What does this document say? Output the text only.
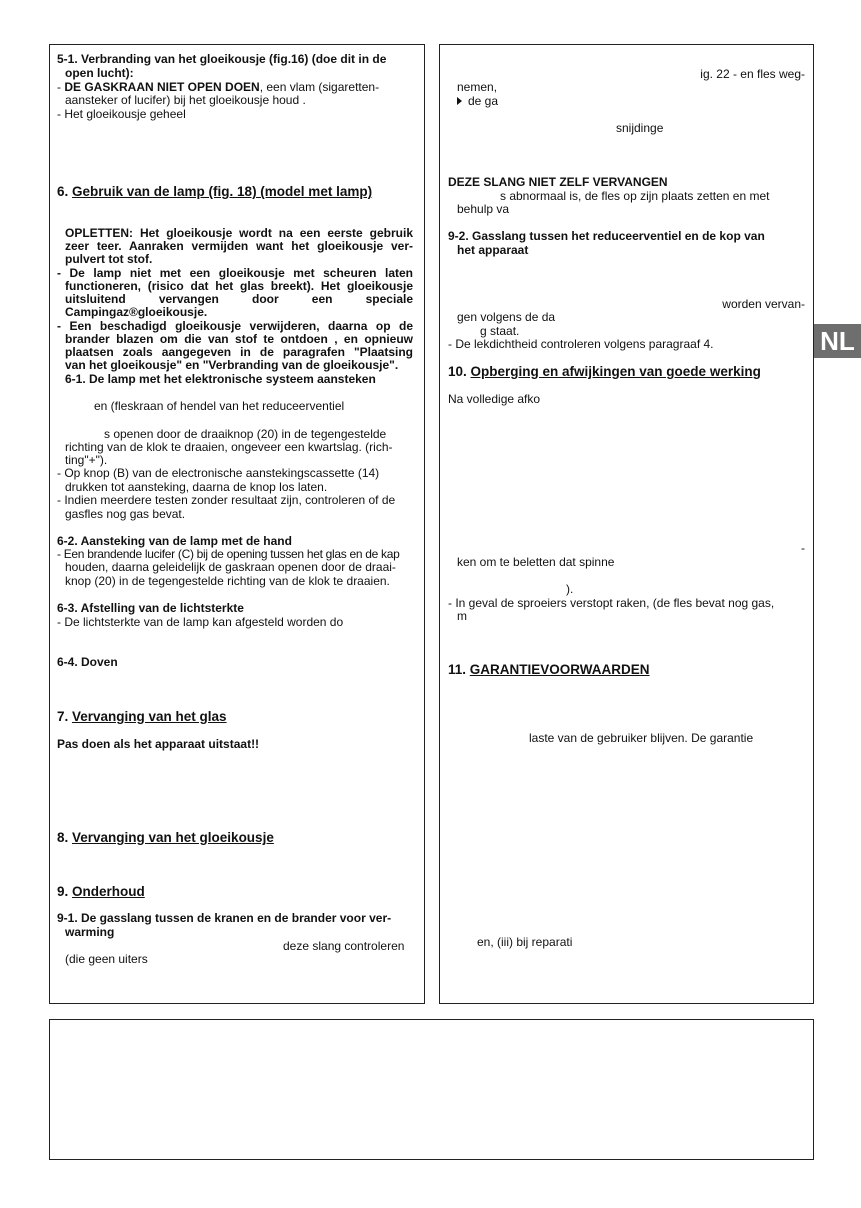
5-1. Verbranding van het gloeikousje (fig.16) (doe dit in de
open lucht):
- DE GASKRAAN NIET OPEN DOEN, een vlam (sigaretten-
aansteker of lucifer) bij het gloeikousje houd .
- Het gloeikousje geheel
6. Gebruik van de lamp (fig. 18) (model met lamp)
OPLETTEN: Het gloeikousje wordt na een eerste gebruik
zeer teer. Aanraken vermijden want het gloeikousje ver-
pulvert tot stof.
- De lamp niet met een gloeikousje met scheuren laten
functioneren, (risico dat het glas breekt). Het gloeikousje
uitsluitend vervangen door een speciale
Campingaz®gloeikousje.
- Een beschadigd gloeikousje verwijderen, daarna op de
brander blazen om die van stof te ontdoen , en opnieuw
plaatsen zoals aangegeven in de paragrafen "Plaatsing
van het gloeikousje" en "Verbranding van de gloeikousje".
6-1. De lamp met het elektronische systeem aansteken
en (fleskraan of hendel van het reduceerventiel
s openen door de draaiknop (20) in de tegengestelde
richting van de klok te draaien, ongeveer een kwartslag. (rich-
ting"+").
- Op knop (B) van de electronische aanstekingscassette (14)
drukken tot aansteking, daarna de knop los laten.
- Indien meerdere testen zonder resultaat zijn, controleren of de
gasfles nog gas bevat.
6-2. Aansteking van de lamp met de hand
- Een brandende lucifer (C) bij de opening tussen het glas en de kap
houden, daarna geleidelijk de gaskraan openen door de draai-
knop (20) in de tegengestelde richting van de klok te draaien.
6-3. Afstelling van de lichtsterkte
- De lichtsterkte van de lamp kan afgesteld worden do
6-4. Doven
7. Vervanging van het glas
Pas doen als het apparaat uitstaat!!
8. Vervanging van het gloeikousje
9. Onderhoud
9-1. De gasslang tussen de kranen en de brander voor ver-
warming
deze slang controleren
(die geen uiters
ig. 22 - en fles weg-
nemen,
de ga
snijdinge
DEZE SLANG NIET ZELF VERVANGEN
s abnormaal is, de fles op zijn plaats zetten en met
behulp va
9-2. Gasslang tussen het reduceerventiel en de kop van
het apparaat
worden vervan-
gen volgens de da
g staat.
- De lekdichtheid controleren volgens paragraaf 4.
10. Opberging en afwijkingen van goede werking
Na volledige afko
-
ken om te beletten dat spinne
).
- In geval de sproeiers verstopt raken, (de fles bevat nog gas,
m
11. GARANTIEVOORWAARDEN
laste van de gebruiker blijven. De garantie
en, (iii) bij reparati
NL
